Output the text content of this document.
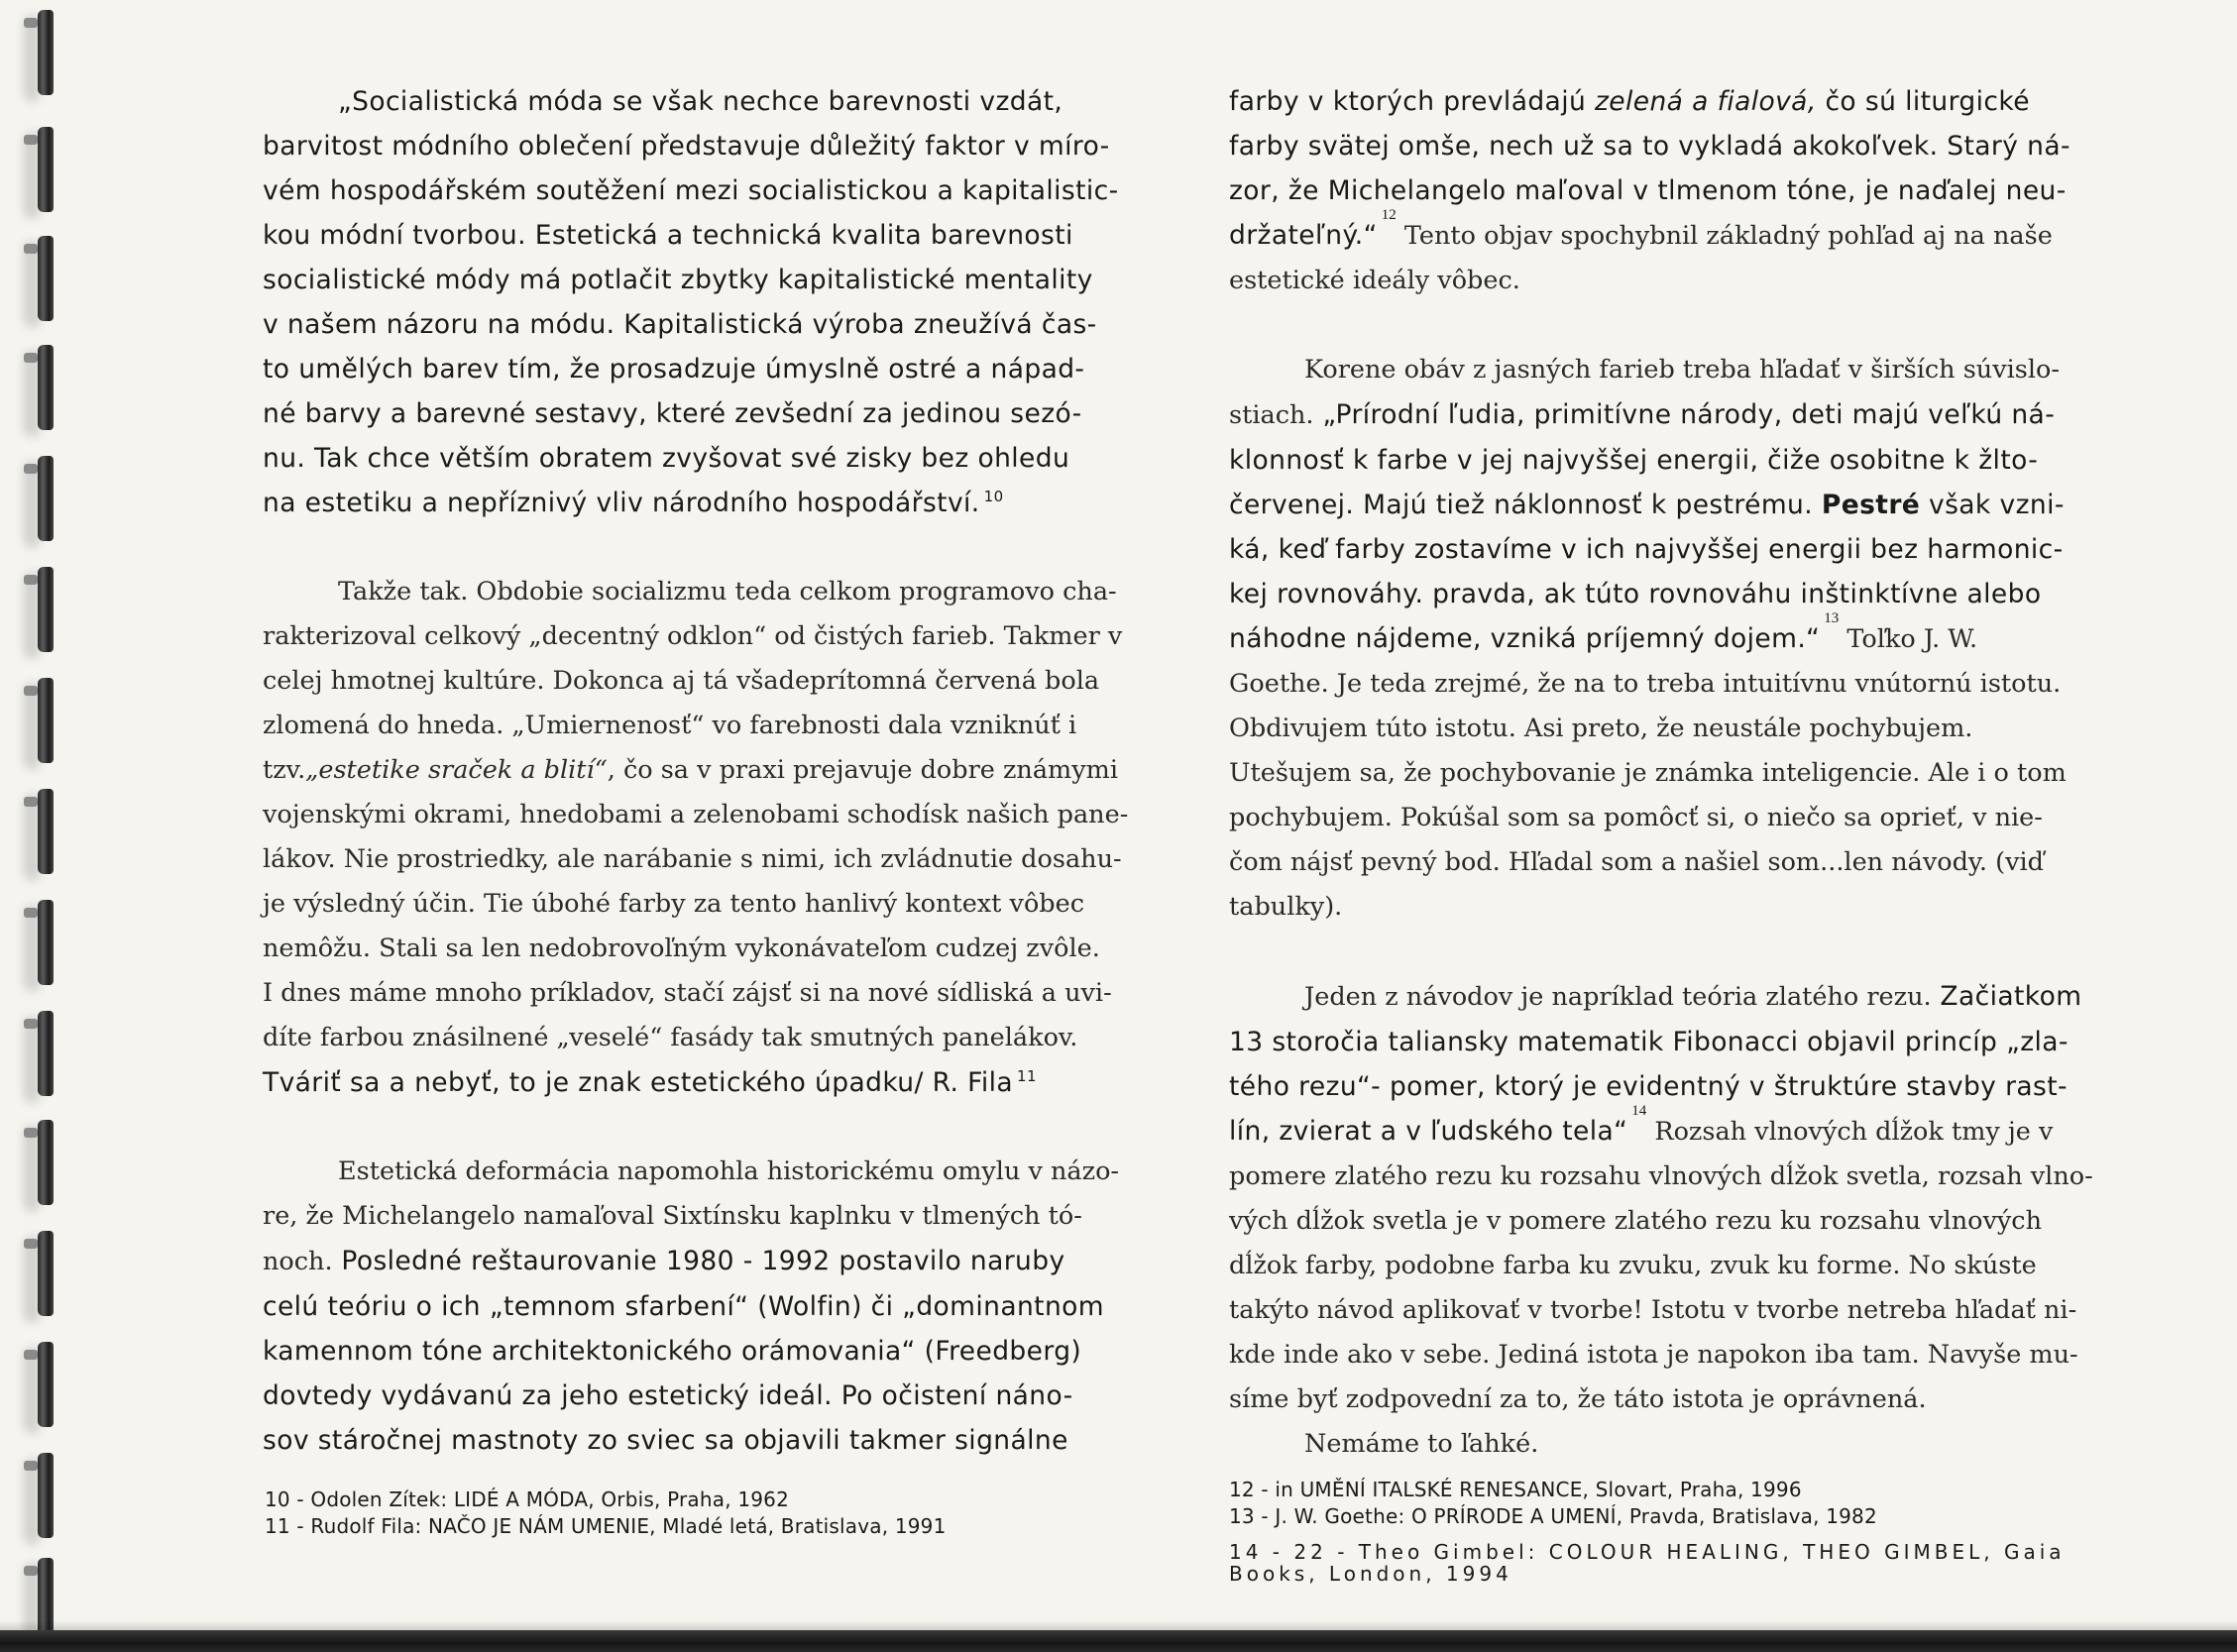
„Socialistická móda se však nechce barevnosti vzdát,
barvitost módního oblečení představuje důležitý faktor v míro-
vém hospodářském soutěžení mezi socialistickou a kapitalistic-
kou módní tvorbou. Estetická a technická kvalita barevnosti
socialistické módy má potlačit zbytky kapitalistické mentality
v našem názoru na módu. Kapitalistická výroba zneužívá čas-
to umělých barev tím, že prosadzuje úmyslně ostré a nápad-
né barvy a barevné sestavy, které zevšední za jedinou sezó-
nu. Tak chce větším obratem zvyšovat své zisky bez ohledu
na estetiku a nepříznivý vliv národního hospodářství. $^{10}$
Takže tak. Obdobie socializmu teda celkom programovo cha-
rakterizoval celkový „decentný odklon“ od čistých farieb. Takmer v
celej hmotnej kultúre. Dokonca aj tá všadeprítomná červená bola
zlomená do hneda. „Umiernenosť“ vo farebnosti dala vzniknúť i
tzv.„estetike sraček a blití“, čo sa v praxi prejavuje dobre známymi
vojenskými okrami, hnedobami a zelenobami schodísk našich pane-
lákov. Nie prostriedky, ale narábanie s nimi, ich zvládnutie dosahu-
je výsledný účin. Tie úbohé farby za tento hanlivý kontext vôbec
nemôžu. Stali sa len nedobrovoľným vykonávateľom cudzej zvôle.
I dnes máme mnoho príkladov, stačí zájsť si na nové sídliská a uvi-
díte farbou znásilnené „veselé“ fasády tak smutných panelákov.
Tváriť sa a nebyť, to je znak estetického úpadku/ R. Fila $^{11}$
Estetická deformácia napomohla historickému omylu v názo-
re, že Michelangelo namaľoval Sixtínsku kaplnku v tlmených tó-
noch. Posledné reštaurovanie 1980 - 1992 postavilo naruby
celú teóriu o ich „temnom sfarbení“ (Wolfin) či „dominantnom
kamennom tóne architektonického orámovania“ (Freedberg)
dovtedy vydávanú za jeho estetický ideál. Po očistení náno-
sov stáročnej mastnoty zo sviec sa objavili takmer signálne
farby v ktorých prevládajú zelená a fialová, čo sú liturgické
farby svätej omše, nech už sa to vykladá akokoľvek. Starý ná-
zor, že Michelangelo maľoval v tlmenom tóne, je naďalej neu-
držateľný.“12 Tento objav spochybnil základný pohľad aj na naše
estetické ideály vôbec.
Korene obáv z jasných farieb treba hľadať v širších súvislo-
stiach. „Prírodní ľudia, primitívne národy, deti majú veľkú ná-
klonnosť k farbe v jej najvyššej energii, čiže osobitne k žlto-
červenej. Majú tiež náklonnosť k pestrému. Pestré však vzni-
ká, keď farby zostavíme v ich najvyššej energii bez harmonic-
kej rovnováhy. pravda, ak túto rovnováhu inštinktívne alebo
náhodne nájdeme, vzniká príjemný dojem.“13 Toľko J. W.
Goethe. Je teda zrejmé, že na to treba intuitívnu vnútornú istotu.
Obdivujem túto istotu. Asi preto, že neustále pochybujem.
Utešujem sa, že pochybovanie je známka inteligencie. Ale i o tom
pochybujem. Pokúšal som sa pomôcť si, o niečo sa oprieť, v nie-
čom nájsť pevný bod. Hľadal som a našiel som...len návody. (viď
tabulky).
Jeden z návodov je napríklad teória zlatého rezu. Začiatkom
13 storočia taliansky matematik Fibonacci objavil princíp „zla-
tého rezu“- pomer, ktorý je evidentný v štruktúre stavby rast-
lín, zvierat a v ľudského tela“14 Rozsah vlnových dĺžok tmy je v
pomere zlatého rezu ku rozsahu vlnových dĺžok svetla, rozsah vlno-
vých dĺžok svetla je v pomere zlatého rezu ku rozsahu vlnových
dĺžok farby, podobne farba ku zvuku, zvuk ku forme. No skúste
takýto návod aplikovať v tvorbe! Istotu v tvorbe netreba hľadať ni-
kde inde ako v sebe. Jediná istota je napokon iba tam. Navyše mu-
síme byť zodpovední za to, že táto istota je oprávnená.
Nemáme to ľahké.
10 - Odolen Zítek: LIDÉ A MÓDA, Orbis, Praha, 1962
11 - Rudolf Fila: NAČO JE NÁM UMENIE, Mladé letá, Bratislava, 1991
12 - in UMĚNÍ ITALSKÉ RENESANCE, Slovart, Praha, 1996
13 - J. W. Goethe: O PRÍRODE A UMENÍ, Pravda, Bratislava, 1982
